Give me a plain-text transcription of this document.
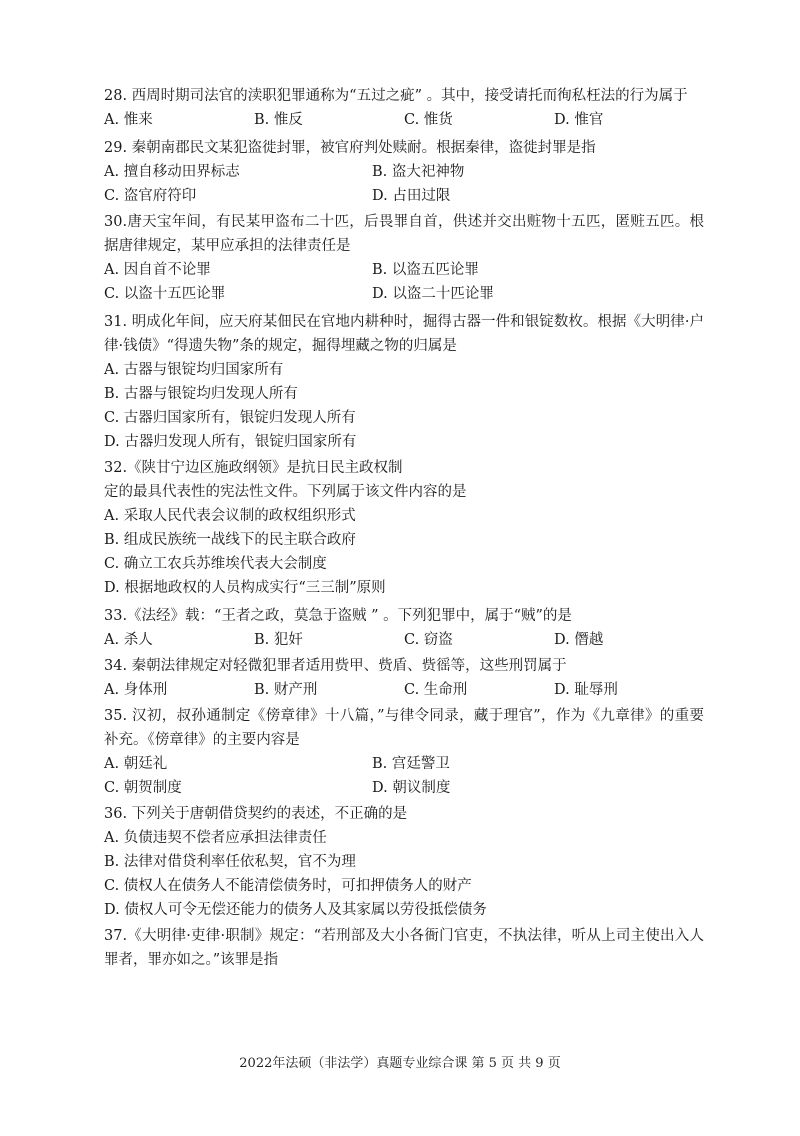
28. 西周时期司法官的渎职犯罪通称为“五过之疵” 。其中，接受请托而徇私枉法的行为属于

A. 惟来	B. 惟反	C. 惟货	D. 惟官

29. 秦朝南郡民文某犯盗徙封罪，被官府判处赎耐。根据秦律，盗徙封罪是指

A. 擅自移动田界标志	B. 盗大祀神物
C. 盗官府符印	D. 占田过限

30.唐天宝年间，有民某甲盗布二十匹，后畏罪自首，供述并交出赃物十五匹，匿赃五匹。根据唐律规定，某甲应承担的法律责任是

A. 因自首不论罪	B. 以盗五匹论罪
C. 以盗十五匹论罪	D. 以盗二十匹论罪

31. 明成化年间，应天府某佃民在官地内耕种时，掘得古器一件和银锭数枚。根据《大明律·户律·钱债》“得遗失物”条的规定，掘得埋藏之物的归属是

A. 古器与银锭均归国家所有
B. 古器与银锭均归发现人所有
C. 古器归国家所有，银锭归发现人所有
D. 古器归发现人所有，银锭归国家所有

32.《陕甘宁边区施政纲领》是抗日民主政权制

定的最具代表性的宪法性文件。下列属于该文件内容的是

A. 采取人民代表会议制的政权组织形式
B. 组成民族统一战线下的民主联合政府
C. 确立工农兵苏维埃代表大会制度
D. 根据地政权的人员构成实行“三三制”原则

33.《法经》载：“王者之政，莫急于盗贼 ” 。下列犯罪中，属于“贼”的是

A. 杀人	B. 犯奸	C. 窃盗	D. 僭越

34. 秦朝法律规定对轻微犯罪者适用赀甲、赀盾、赀徭等，这些刑罚属于

A. 身体刑	B. 财产刑	C. 生命刑	D. 耻辱刑

35. 汉初，叔孙通制定《傍章律》十八篇，”与律令同录，藏于理官”，作为《九章律》的重要补充。《傍章律》的主要内容是

A. 朝廷礼	B. 宫廷警卫
C. 朝贺制度	D. 朝议制度

36. 下列关于唐朝借贷契约的表述，不正确的是

A. 负债违契不偿者应承担法律责任
B. 法律对借贷利率任依私契，官不为理
C. 债权人在债务人不能清偿债务时，可扣押债务人的财产
D. 债权人可令无偿还能力的债务人及其家属以劳役抵偿债务

37.《大明律·吏律·职制》规定：“若刑部及大小各衙门官吏，不执法律，听从上司主使出入人罪者，罪亦如之。”该罪是指

2022年法硕（非法学）真题专业综合课 第 5 页 共 9 页
